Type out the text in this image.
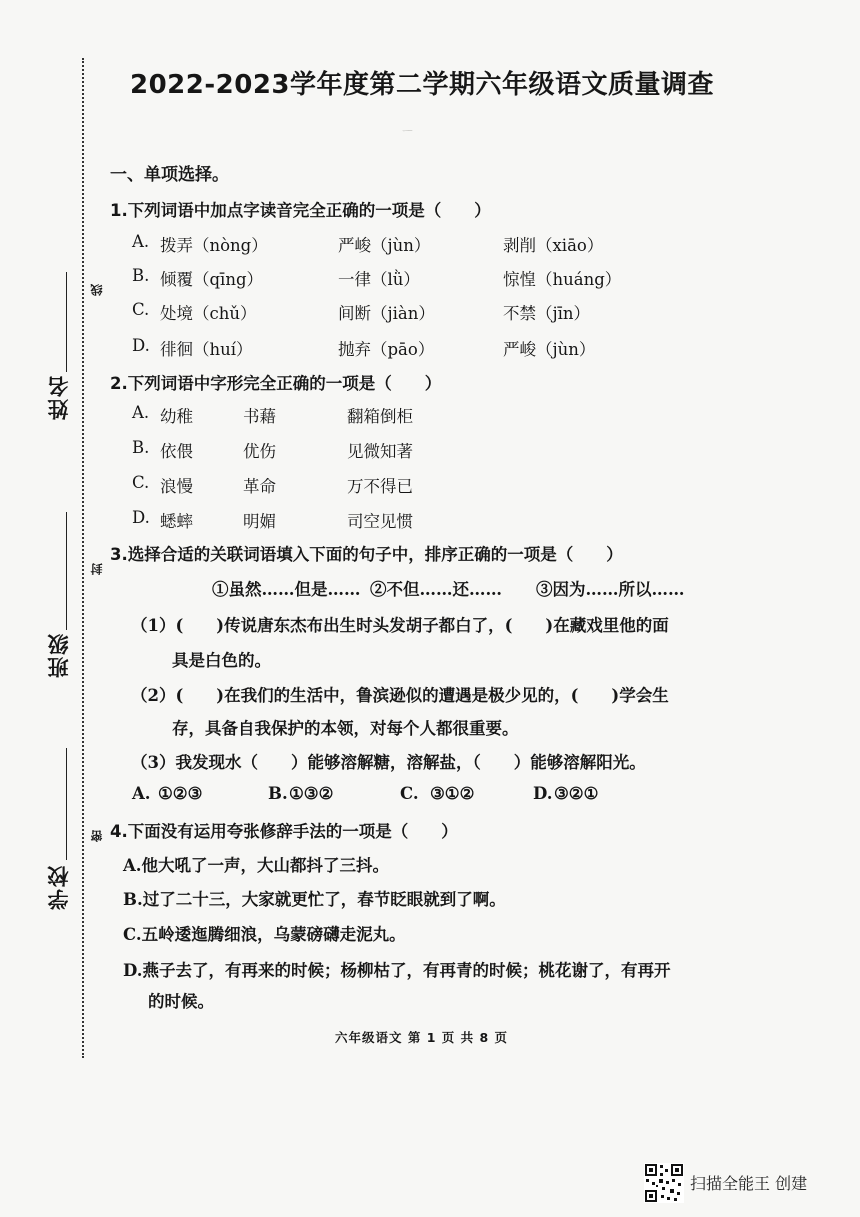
ㄧ　　　　　　　　　　　　
姓名
线
班级
封
学校
密
2022-2023学年度第二学期六年级语文质量调查
一、单项选择。
1.下列词语中加点字读音完全正确的一项是（　　）
A. 拨弄（nòng）	严峻（jùn）	剥削（xiāo）
B. 倾覆（qīng）	一律（lǜ）	惊惶（huáng）
C. 处境（chǔ）	间断（jiàn）	不禁（jīn）
D. 徘徊（huí）	抛弃（pāo）	严峻（jùn）
2.下列词语中字形完全正确的一项是（　　）
A. 幼稚	书藉	翻箱倒柜
B. 依偎	优伤	见微知著
C. 浪慢	革命	万不得已
D. 蟋蟀	明媚	司空见惯
3.选择合适的关联词语填入下面的句子中，排序正确的一项是（　　）
①虽然……但是…… ②不但……还…… ③因为……所以……
（1）(　　)传说唐东杰布出生时头发胡子都白了，(　　)在藏戏里他的面
具是白色的。
（2）(　　)在我们的生活中，鲁滨逊似的遭遇是极少见的，(　　)学会生
存，具备自我保护的本领，对每个人都很重要。
（3）我发现水（　　）能够溶解糖，溶解盐，（　　）能够溶解阳光。
A. ①②③	B. ①③②	C. ③①②	D. ③②①
4.下面没有运用夸张修辞手法的一项是（　　）
A.他大吼了一声，大山都抖了三抖。
B.过了二十三，大家就更忙了，春节眨眼就到了啊。
C.五岭逶迤腾细浪，乌蒙磅礴走泥丸。
D.燕子去了，有再来的时候；杨柳枯了，有再青的时候；桃花谢了，有再开
的时候。
六年级语文 第 1 页 共 8 页
扫描全能王 创建
